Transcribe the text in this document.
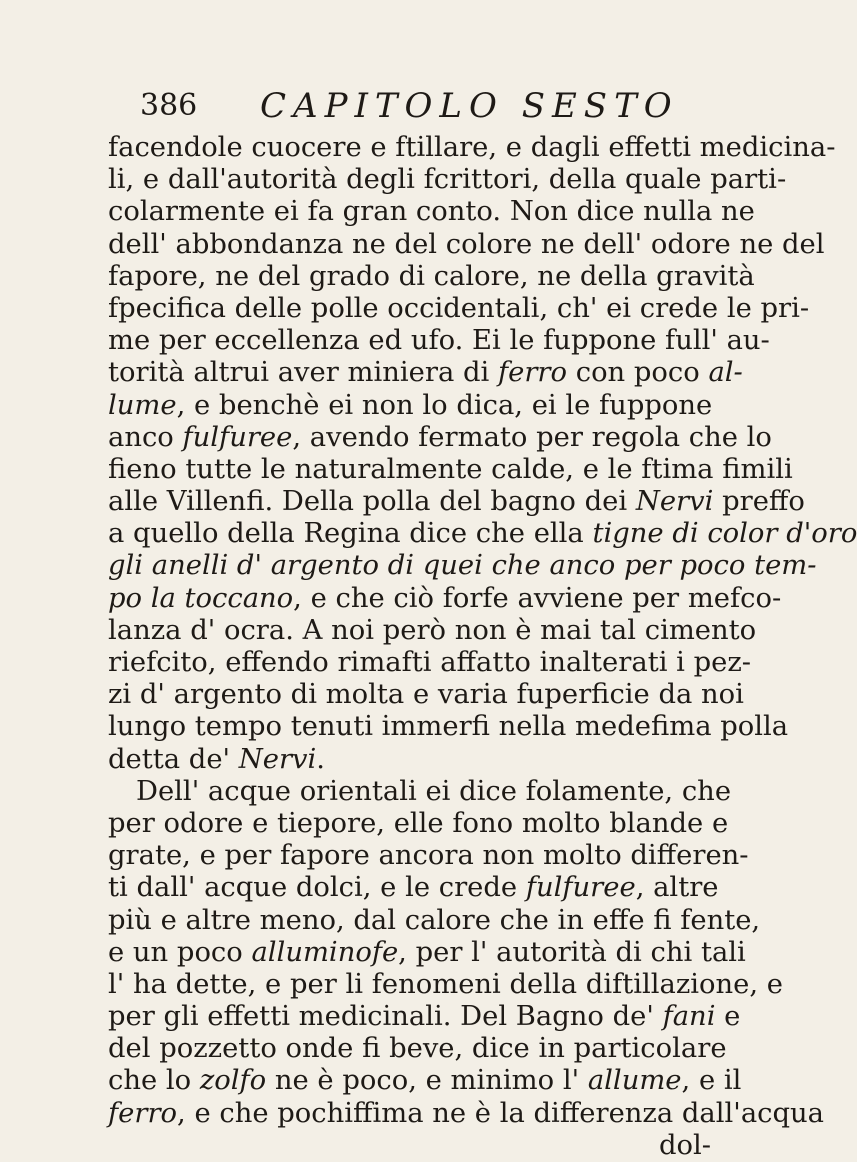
386 CAPITOLO SESTO
facendole cuocere e ftillare, e dagli effetti medicina-
li, e dall'autorità degli fcrittori, della quale parti-
colarmente ei fa gran conto. Non dice nulla ne
dell' abbondanza ne del colore ne dell' odore ne del
fapore, ne del grado di calore, ne della gravità
fpecifica delle polle occidentali, ch' ei crede le pri-
me per eccellenza ed ufo. Ei le fuppone full' au-
torità altrui aver miniera di ferro con poco al-
lume, e benchè ei non lo dica, ei le fuppone
anco fulfuree, avendo fermato per regola che lo
fieno tutte le naturalmente calde, e le ftima fimili
alle Villenfi. Della polla del bagno dei Nervi preffo
a quello della Regina dice che ella tigne di color d'oro
gli anelli d' argento di quei che anco per poco tem-
po la toccano, e che ciò forfe avviene per mefco-
lanza d' ocra. A noi però non è mai tal cimento
riefcito, effendo rimafti affatto inalterati i pez-
zi d' argento di molta e varia fuperficie da noi
lungo tempo tenuti immerfi nella medefima polla
detta de' Nervi.
Dell' acque orientali ei dice folamente, che
per odore e tiepore, elle fono molto blande e
grate, e per fapore ancora non molto differen-
ti dall' acque dolci, e le crede fulfuree, altre
più e altre meno, dal calore che in effe fi fente,
e un poco alluminofe, per l' autorità di chi tali
l' ha dette, e per li fenomeni della diftillazione, e
per gli effetti medicinali. Del Bagno de' fani e
del pozzetto onde fi beve, dice in particolare
che lo zolfo ne è poco, e minimo l' allume, e il
ferro, e che pochiffima ne è la differenza dall'acqua
dol-
